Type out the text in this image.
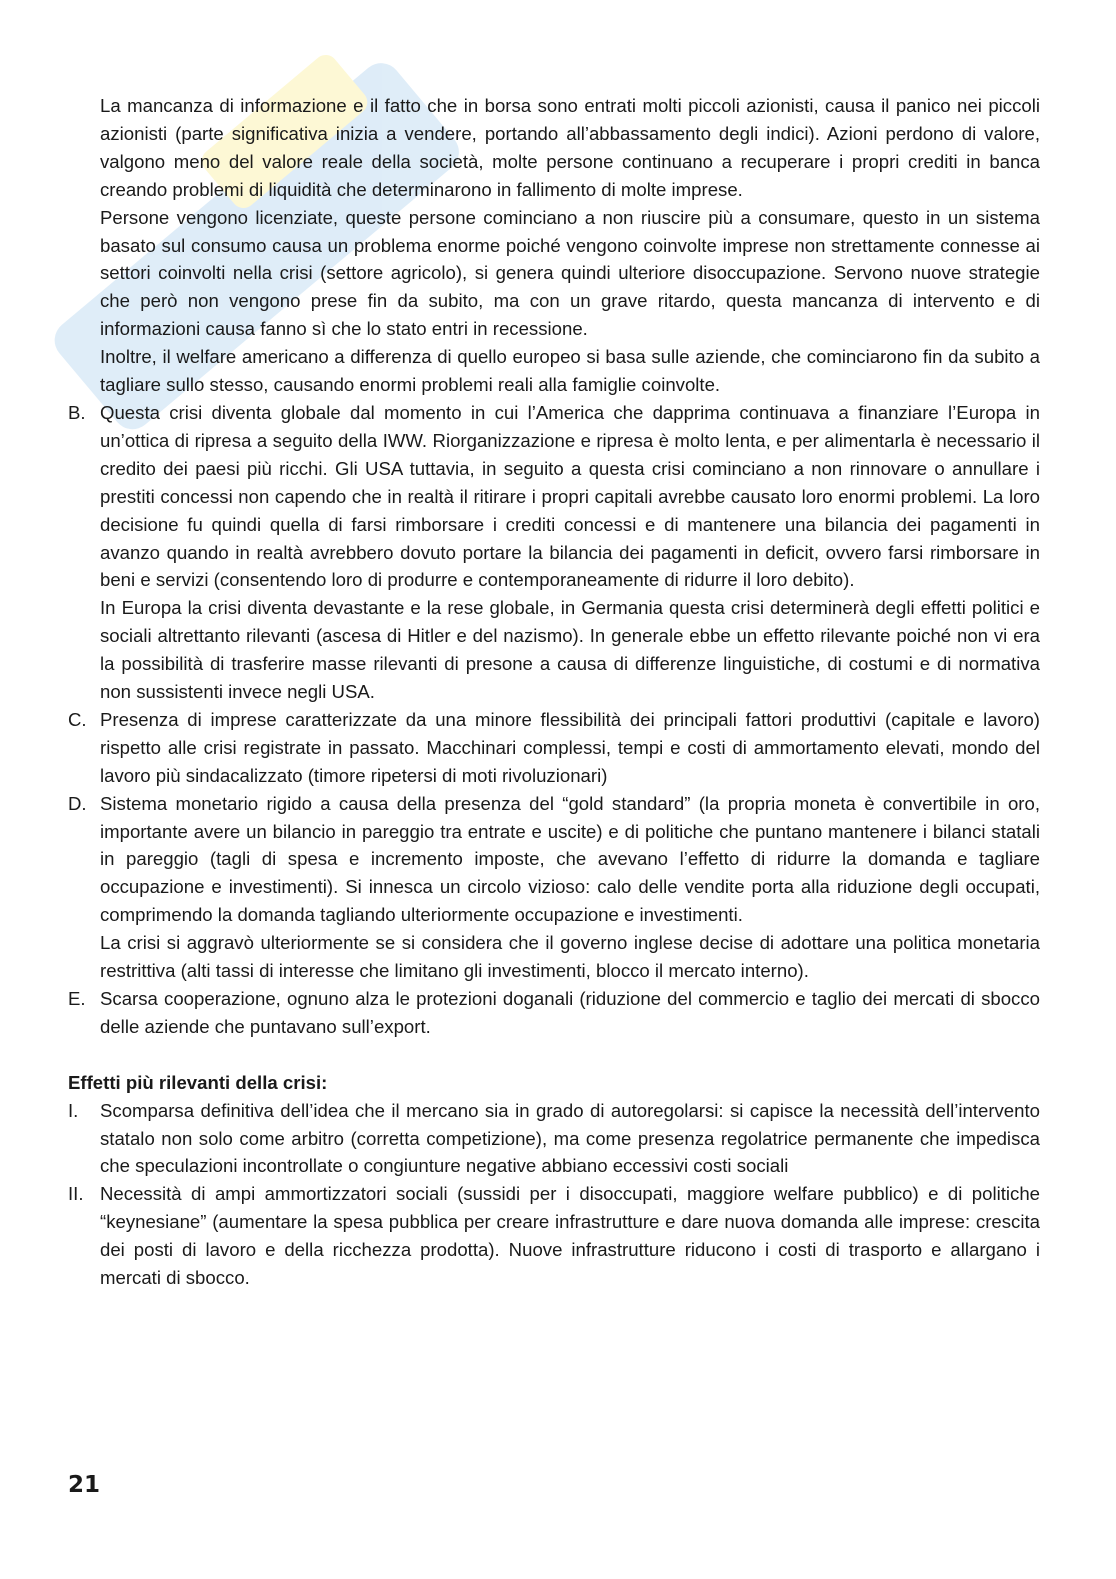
La mancanza di informazione e il fatto che in borsa sono entrati molti piccoli azionisti, causa il panico nei piccoli azionisti (parte significativa inizia a vendere, portando all’abbassamento degli indici). Azioni perdono di valore, valgono meno del valore reale della società, molte persone continuano a recuperare i propri crediti in banca creando problemi di liquidità che determinarono in fallimento di molte imprese.

Persone vengono licenziate, queste persone cominciano a non riuscire più a consumare, questo in un sistema basato sul consumo causa un problema enorme poiché vengono coinvolte imprese non strettamente connesse ai settori coinvolti nella crisi (settore agricolo), si genera quindi ulteriore disoccupazione. Servono nuove strategie che però non vengono prese fin da subito, ma con un grave ritardo, questa mancanza di intervento e di informazioni causa fanno sì che lo stato entri in recessione.

Inoltre, il welfare americano a differenza di quello europeo si basa sulle aziende, che cominciarono fin da subito a tagliare sullo stesso, causando enormi problemi reali alla famiglie coinvolte.

B. Questa crisi diventa globale dal momento in cui l’America che dapprima continuava a finanziare l’Europa in un’ottica di ripresa a seguito della IWW. Riorganizzazione e ripresa è molto lenta, e per alimentarla è necessario il credito dei paesi più ricchi. Gli USA tuttavia, in seguito a questa crisi cominciano a non rinnovare o annullare i prestiti concessi non capendo che in realtà il ritirare i propri capitali avrebbe causato loro enormi problemi. La loro decisione fu quindi quella di farsi rimborsare i crediti concessi e di mantenere una bilancia dei pagamenti in avanzo quando in realtà avrebbero dovuto portare la bilancia dei pagamenti in deficit, ovvero farsi rimborsare in beni e servizi (consentendo loro di produrre e contemporaneamente di ridurre il loro debito).

In Europa la crisi diventa devastante e la rese globale, in Germania questa crisi determinerà degli effetti politici e sociali altrettanto rilevanti (ascesa di Hitler e del nazismo). In generale ebbe un effetto rilevante poiché non vi era la possibilità di trasferire masse rilevanti di presone a causa di differenze linguistiche, di costumi e di normativa non sussistenti invece negli USA.

C. Presenza di imprese caratterizzate da una minore flessibilità dei principali fattori produttivi (capitale e lavoro) rispetto alle crisi registrate in passato. Macchinari complessi, tempi e costi di ammortamento elevati, mondo del lavoro più sindacalizzato (timore ripetersi di moti rivoluzionari)

D. Sistema monetario rigido a causa della presenza del “gold standard” (la propria moneta è convertibile in oro, importante avere un bilancio in pareggio tra entrate e uscite) e di politiche che puntano mantenere i bilanci statali in pareggio (tagli di spesa e incremento imposte, che avevano l’effetto di ridurre la domanda e tagliare occupazione e investimenti). Si innesca un circolo vizioso: calo delle vendite porta alla riduzione degli occupati, comprimendo la domanda tagliando ulteriormente occupazione e investimenti.

La crisi si aggravò ulteriormente se si considera che il governo inglese decise di adottare una politica monetaria restrittiva (alti tassi di interesse che limitano gli investimenti, blocco il mercato interno).

E. Scarsa cooperazione, ognuno alza le protezioni doganali (riduzione del commercio e taglio dei mercati di sbocco delle aziende che puntavano sull’export.

Effetti più rilevanti della crisi:
I.	Scomparsa definitiva dell’idea che il mercano sia in grado di autoregolarsi: si capisce la necessità dell’intervento statalo non solo come arbitro (corretta competizione), ma come presenza regolatrice permanente che impedisca che speculazioni incontrollate o congiunture negative abbiano eccessivi costi sociali

II. Necessità di ampi ammortizzatori sociali (sussidi per i disoccupati, maggiore welfare pubblico) e di politiche “keynesiane” (aumentare la spesa pubblica per creare infrastrutture e dare nuova domanda alle imprese: crescita dei posti di lavoro e della ricchezza prodotta). Nuove infrastrutture riducono i costi di trasporto e allargano i mercati di sbocco.

21
